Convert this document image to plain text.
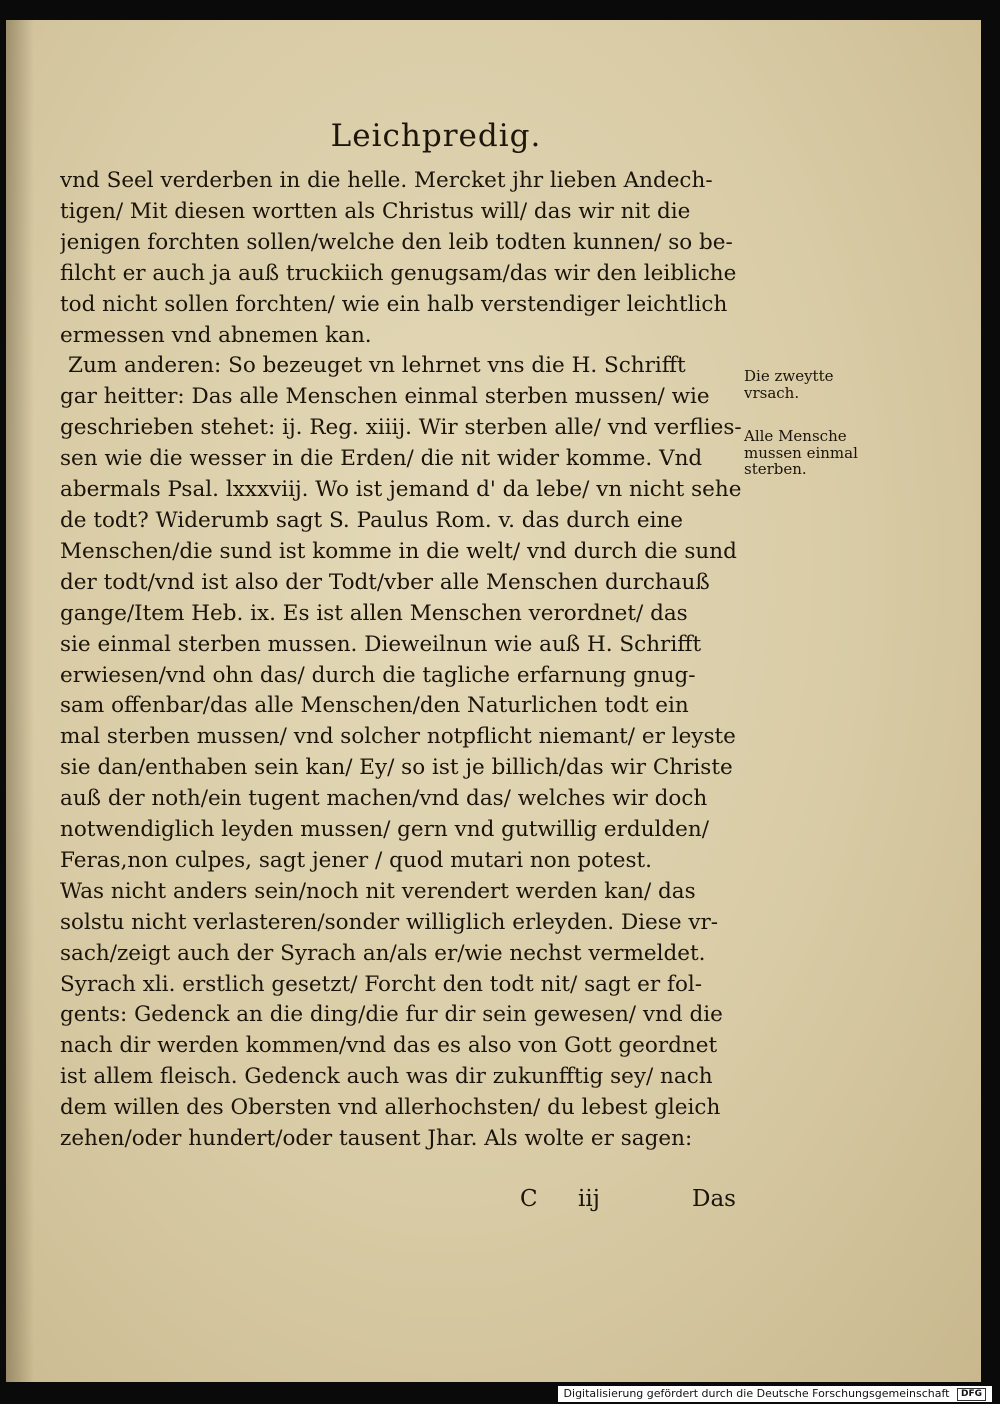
Leichpredig.
vnd Seel verderben in die helle. Mercket jhr lieben Andech-
tigen/ Mit diesen wortten als Christus will/ das wir nit die
jenigen forchten sollen/welche den leib todten kunnen/ so be-
filcht er auch ja auß truckiich genugsam/das wir den leibliche
tod nicht sollen forchten/ wie ein halb verstendiger leichtlich
ermessen vnd abnemen kan.
Zum anderen: So bezeuget vn lehrnet vns die H. Schrifft
gar heitter: Das alle Menschen einmal sterben mussen/ wie
geschrieben stehet: ij. Reg. xiiij. Wir sterben alle/ vnd verflies-
sen wie die wesser in die Erden/ die nit wider komme. Vnd
abermals Psal. lxxxviij. Wo ist jemand d' da lebe/ vn nicht sehe
de todt? Widerumb sagt S. Paulus Rom. v. das durch eine
Menschen/die sund ist komme in die welt/ vnd durch die sund
der todt/vnd ist also der Todt/vber alle Menschen durchauß
gange/Item Heb. ix. Es ist allen Menschen verordnet/ das
sie einmal sterben mussen. Dieweilnun wie auß H. Schrifft
erwiesen/vnd ohn das/ durch die tagliche erfarnung gnug-
sam offenbar/das alle Menschen/den Naturlichen todt ein
mal sterben mussen/ vnd solcher notpflicht niemant/ er leyste
sie dan/enthaben sein kan/ Ey/ so ist je billich/das wir Christe
auß der noth/ein tugent machen/vnd das/ welches wir doch
notwendiglich leyden mussen/ gern vnd gutwillig erdulden/
Feras,non culpes, sagt jener / quod mutari non potest.
Was nicht anders sein/noch nit verendert werden kan/ das
solstu nicht verlasteren/sonder williglich erleyden. Diese vr-
sach/zeigt auch der Syrach an/als er/wie nechst vermeldet.
Syrach xli. erstlich gesetzt/ Forcht den todt nit/ sagt er fol-
gents: Gedenck an die ding/die fur dir sein gewesen/ vnd die
nach dir werden kommen/vnd das es also von Gott geordnet
ist allem fleisch. Gedenck auch was dir zukunfftig sey/ nach
dem willen des Obersten vnd allerhochsten/ du lebest gleich
zehen/oder hundert/oder tausent Jhar. Als wolte er sagen:
Die zweytte
vrsach.
Alle Mensche
mussen einmal
sterben.
C iij	Das
Digitalisierung gefördert durch die Deutsche Forschungsgemeinschaft DFG
